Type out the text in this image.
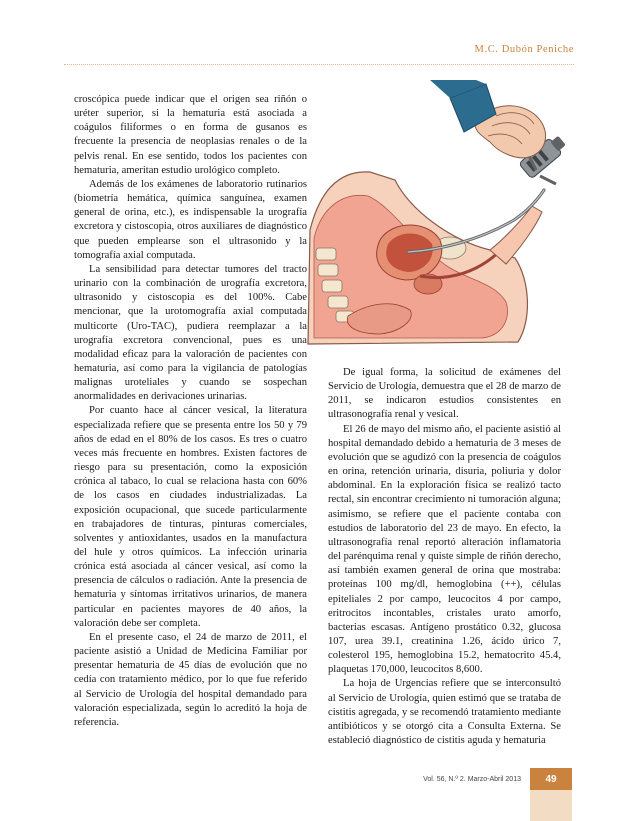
M.C. Dubón Peniche

croscópica puede indicar que el origen sea riñón o uréter superior, si la hematuria está asociada a coágulos filiformes o en forma de gusanos es frecuente la presencia de neoplasias renales o de la pelvis renal. En ese sentido, todos los pacientes con hematuria, ameritan estudio urológico completo.

Además de los exámenes de laboratorio rutinarios (biometría hemática, química sanguínea, examen general de orina, etc.), es indispensable la urografía excretora y cistoscopia, otros auxiliares de diagnóstico que pueden emplearse son el ultrasonido y la tomografía axial computada.

La sensibilidad para detectar tumores del tracto urinario con la combinación de urografía excretora, ultrasonido y cistoscopia es del 100%. Cabe mencionar, que la urotomografía axial computada multicorte (Uro-TAC), pudiera reemplazar a la urografía excretora convencional, pues es una modalidad eficaz para la valoración de pacientes con hematuria, así como para la vigilancia de patologías malignas uroteliales y cuando se sospechan anormalidades en derivaciones urinarias.

Por cuanto hace al cáncer vesical, la literatura especializada refiere que se presenta entre los 50 y 79 años de edad en el 80% de los casos. Es tres o cuatro veces más frecuente en hombres. Existen factores de riesgo para su presentación, como la exposición crónica al tabaco, lo cual se relaciona hasta con 60% de los casos en ciudades industrializadas. La exposición ocupacional, que sucede particularmente en trabajadores de tinturas, pinturas comerciales, solventes y antioxidantes, usados en la manufactura del hule y otros químicos. La infección urinaria crónica está asociada al cáncer vesical, así como la presencia de cálculos o radiación. Ante la presencia de hematuria y síntomas irritativos urinarios, de manera particular en pacientes mayores de 40 años, la valoración debe ser completa.

En el presente caso, el 24 de marzo de 2011, el paciente asistió a Unidad de Medicina Familiar por presentar hematuria de 45 días de evolución que no cedía con tratamiento médico, por lo que fue referido al Servicio de Urología del hospital demandado para valoración especializada, según lo acreditó la hoja de referencia.

De igual forma, la solicitud de exámenes del Servicio de Urología, demuestra que el 28 de marzo de 2011, se indicaron estudios consistentes en ultrasonografía renal y vesical.

El 26 de mayo del mismo año, el paciente asistió al hospital demandado debido a hematuria de 3 meses de evolución que se agudizó con la presencia de coágulos en orina, retención urinaria, disuria, poliuria y dolor abdominal. En la exploración física se realizó tacto rectal, sin encontrar crecimiento ni tumoración alguna; asimismo, se refiere que el paciente contaba con estudios de laboratorio del 23 de mayo. En efecto, la ultrasonografía renal reportó alteración inflamatoria del parénquima renal y quiste simple de riñón derecho, así también examen general de orina que mostraba: proteínas 100 mg/dl, hemoglobina (++), células epiteliales 2 por campo, leucocitos 4 por campo, eritrocitos incontables, cristales urato amorfo, bacterias escasas. Antígeno prostático 0.32, glucosa 107, urea 39.1, creatinina 1.26, ácido úrico 7, colesterol 195, hemoglobina 15.2, hematocrito 45.4, plaquetas 170,000, leucocitos 8,600.

La hoja de Urgencias refiere que se interconsultó al Servicio de Urología, quien estimó que se trataba de cistitis agregada, y se recomendó tratamiento mediante antibióticos y se otorgó cita a Consulta Externa. Se estableció diagnóstico de cistitis aguda y hematuria

Vol. 56, N.º 2. Marzo-Abril 2013	49
